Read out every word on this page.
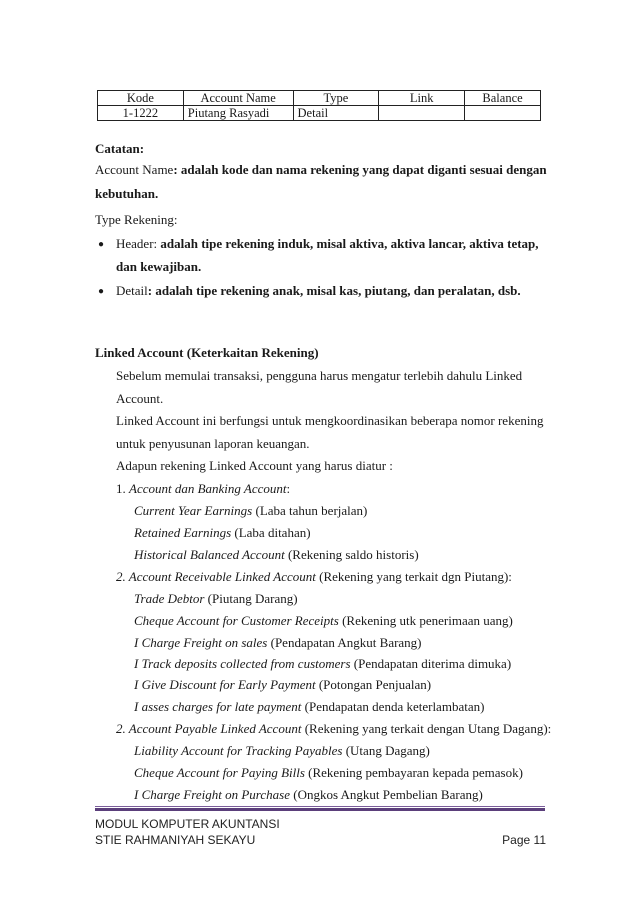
Kode	Account Name	Type	Link	Balance
1-1222	Piutang Rasyadi	Detail		
Catatan:
Account Name: adalah kode dan nama rekening yang dapat diganti sesuai dengan
kebutuhan.
Type Rekening:
● Header: adalah tipe rekening induk, misal aktiva, aktiva lancar, aktiva tetap,
dan kewajiban.
● Detail: adalah tipe rekening anak, misal kas, piutang, dan peralatan, dsb.
Linked Account (Keterkaitan Rekening)
Sebelum memulai transaksi, pengguna harus mengatur terlebih dahulu Linked
Account.
Linked Account ini berfungsi untuk mengkoordinasikan beberapa nomor rekening
untuk penyusunan laporan keuangan.
Adapun rekening Linked Account yang harus diatur :
1. Account dan Banking Account:
Current Year Earnings (Laba tahun berjalan)
Retained Earnings (Laba ditahan)
Historical Balanced Account (Rekening saldo historis)
2. Account Receivable Linked Account (Rekening yang terkait dgn Piutang):
Trade Debtor (Piutang Darang)
Cheque Account for Customer Receipts (Rekening utk penerimaan uang)
I Charge Freight on sales (Pendapatan Angkut Barang)
I Track deposits collected from customers (Pendapatan diterima dimuka)
I Give Discount for Early Payment (Potongan Penjualan)
I asses charges for late payment (Pendapatan denda keterlambatan)
2. Account Payable Linked Account (Rekening yang terkait dengan Utang Dagang):
Liability Account for Tracking Payables (Utang Dagang)
Cheque Account for Paying Bills (Rekening pembayaran kepada pemasok)
I Charge Freight on Purchase (Ongkos Angkut Pembelian Barang)
MODUL KOMPUTER AKUNTANSI
STIE RAHMANIYAH SEKAYU	Page 11
